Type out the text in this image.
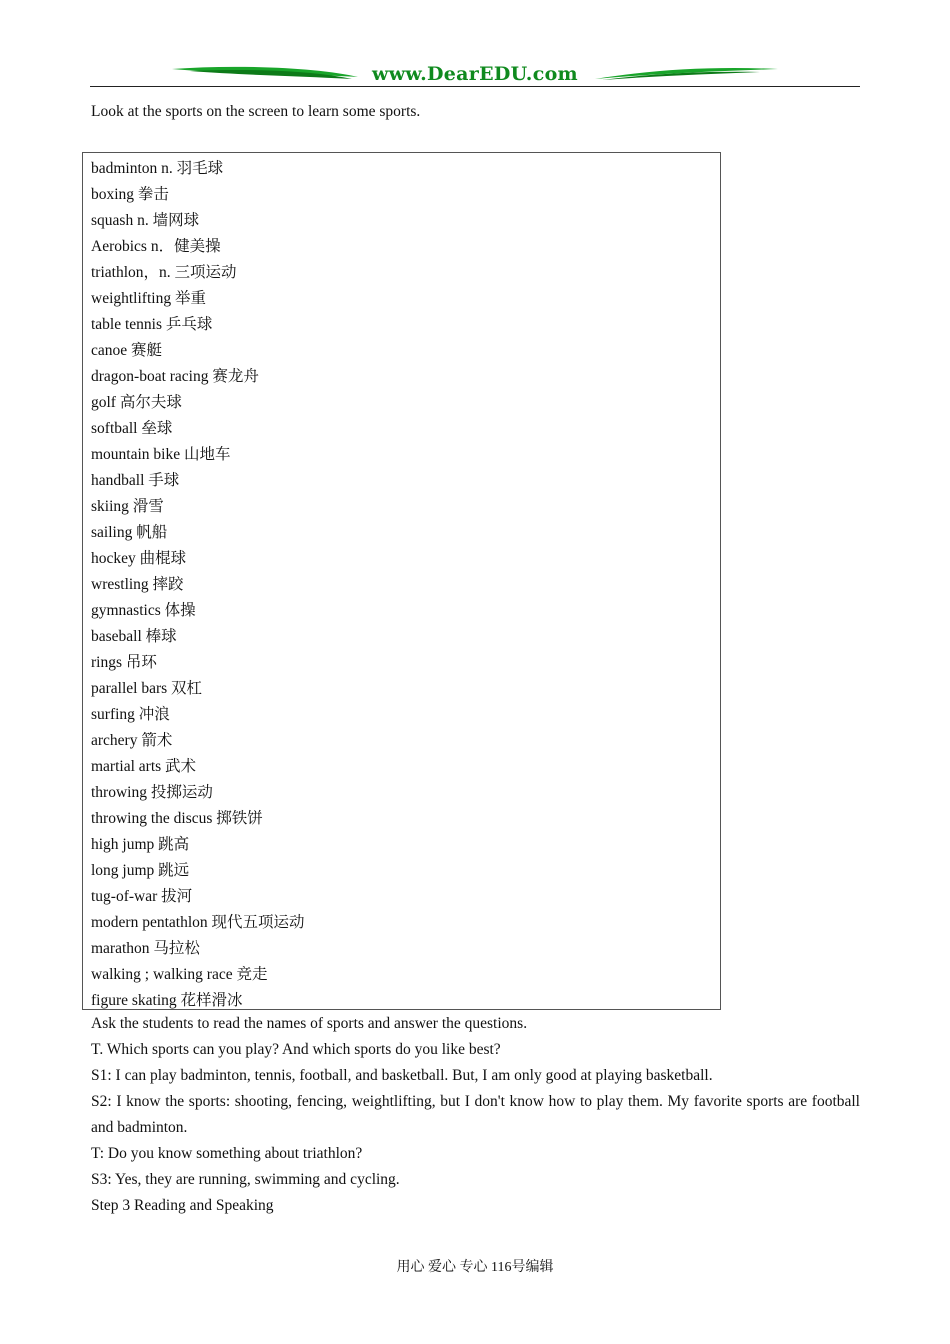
www.DearEDU.com
Look at the sports on the screen to learn some sports.
badminton n. 羽毛球
boxing 拳击
squash n. 墙网球
Aerobics n．健美操
triathlon，n. 三项运动
weightlifting 举重
table tennis 乒乓球
canoe 赛艇
dragon-boat racing 赛龙舟
golf 高尔夫球
softball 垒球
mountain bike 山地车
handball 手球
skiing 滑雪
sailing 帆船
hockey 曲棍球
wrestling 摔跤
gymnastics 体操
baseball 棒球
rings 吊环
parallel bars 双杠
surfing 冲浪
archery 箭术
martial arts 武术
throwing 投掷运动
throwing the discus 掷铁饼
high jump 跳高
long jump 跳远
tug-of-war 拔河
modern pentathlon 现代五项运动
marathon 马拉松
walking ; walking race 竞走
figure skating 花样滑冰

Ask the students to read the names of sports and answer the questions.

T. Which sports can you play? And which sports do you like best?

S1: I can play badminton, tennis, football, and basketball. But, I am only good at playing basketball.

S2: I know the sports: shooting, fencing, weightlifting, but I don't know how to play them. My favorite sports are football and badminton.

T: Do you know something about triathlon?

S3: Yes, they are running, swimming and cycling.

Step 3 Reading and Speaking

用心 爱心 专心 116号编辑
